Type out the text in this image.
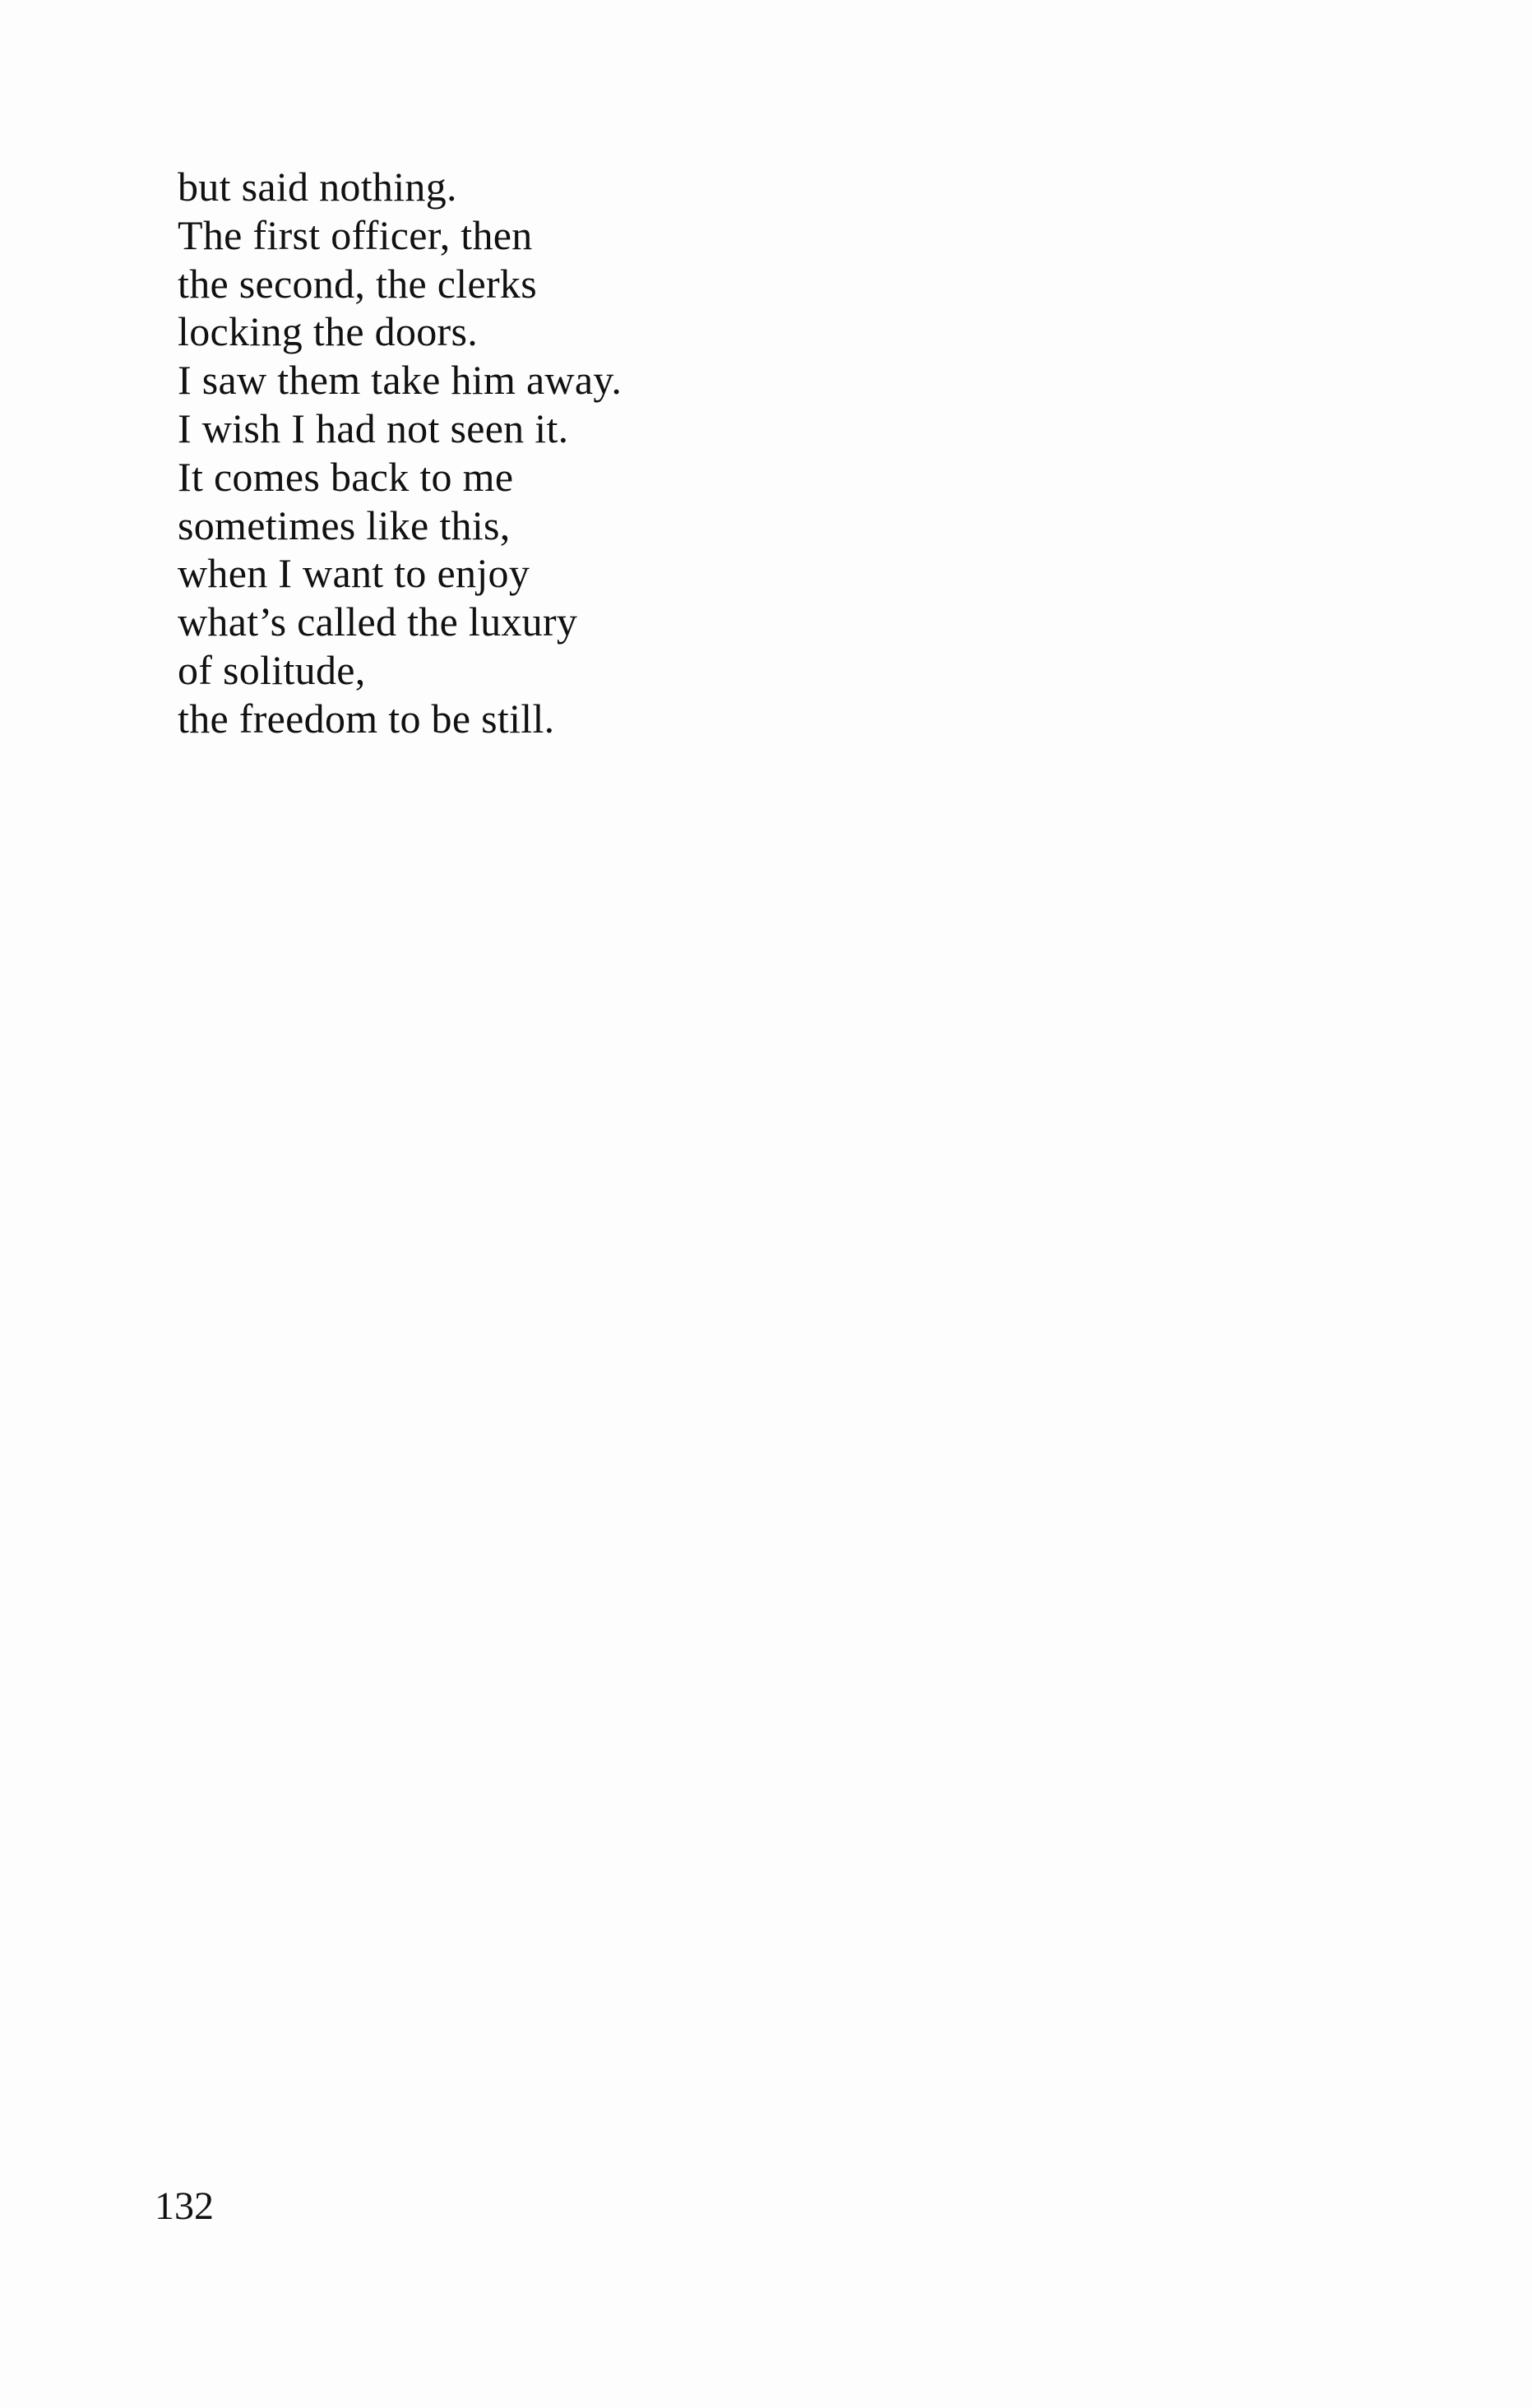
but said nothing.
The first officer, then
the second, the clerks
locking the doors.
I saw them take him away.
I wish I had not seen it.
It comes back to me
sometimes like this,
when I want to enjoy
what’s called the luxury
of solitude,
the freedom to be still.
132
